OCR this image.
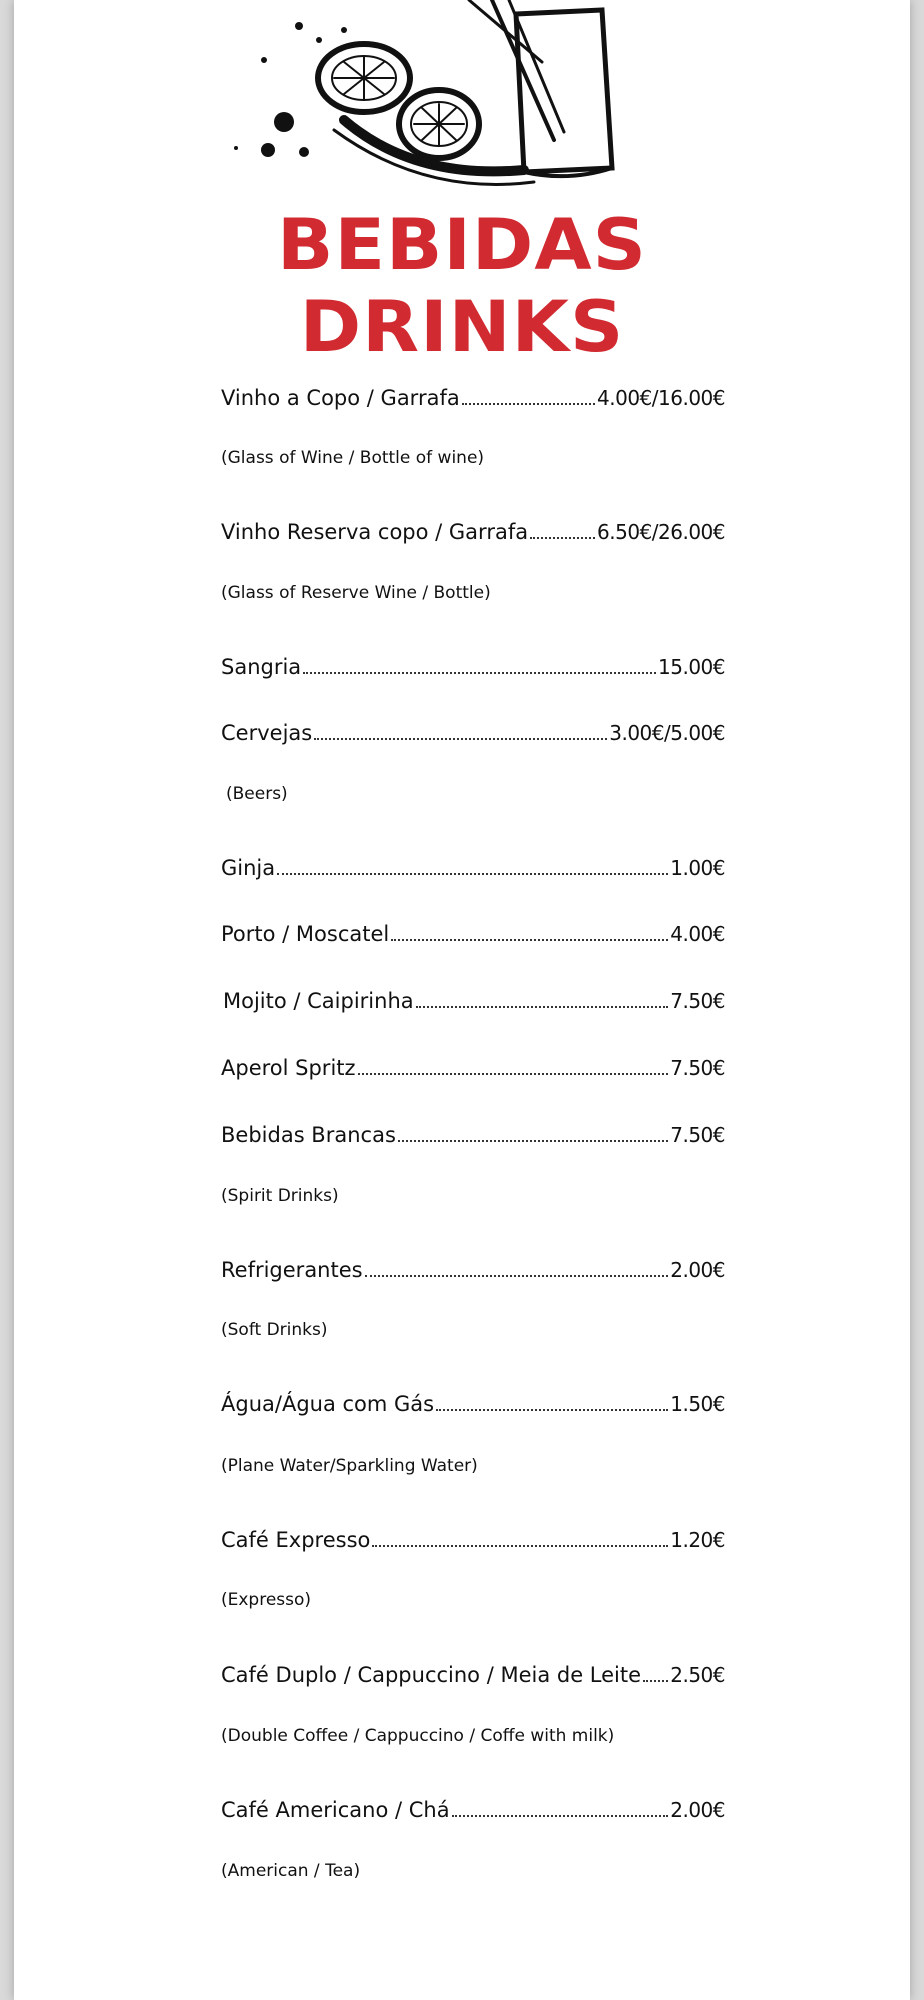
BEBIDAS
DRINKS
Vinho a Copo / Garrafa	4.00€/16.00€
(Glass of Wine / Bottle of wine)
Vinho Reserva copo / Garrafa	6.50€/26.00€
(Glass of Reserve Wine / Bottle)
Sangria	15.00€
Cervejas	3.00€/5.00€
(Beers)
Ginja	1.00€
Porto / Moscatel	4.00€
Mojito / Caipirinha	7.50€
Aperol Spritz	7.50€
Bebidas Brancas	7.50€
(Spirit Drinks)
Refrigerantes	2.00€
(Soft Drinks)
Água/Água com Gás	1.50€
(Plane Water/Sparkling Water)
Café Expresso	1.20€
(Expresso)
Café Duplo / Cappuccino / Meia de Leite 2.50€
(Double Coffee / Cappuccino / Coffe with milk)
Café Americano / Chá	2.00€
(American / Tea)
